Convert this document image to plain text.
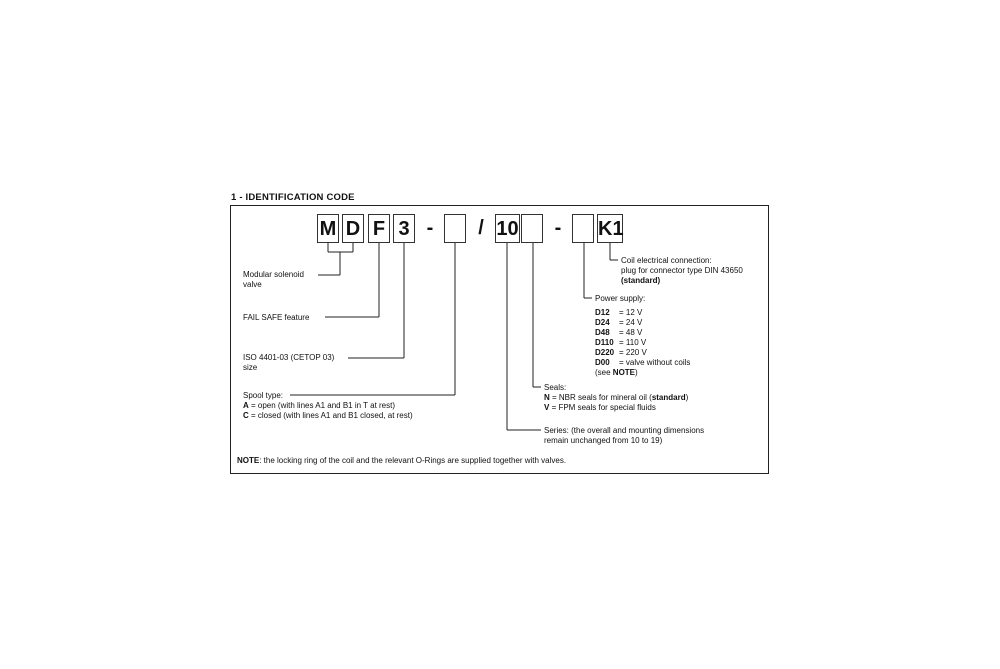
1 - IDENTIFICATION CODE
M D F 3 -	/ 10	-	K1
Modular solenoid
valve
FAIL SAFE feature
ISO 4401-03 (CETOP 03)
size
Spool type:
A = open (with lines A1 and B1 in T at rest)
C = closed (with lines A1 and B1 closed, at rest)
Coil electrical connection:
plug for connector type DIN 43650
(standard)
Power supply:
D12 = 12 V
D24 = 24 V
D48 = 48 V
D110 = 110 V
D220 = 220 V
D00 = valve without coils
(see NOTE)
Seals:
N = NBR seals for mineral oil (standard)
V = FPM seals for special fluids
Series: (the overall and mounting dimensions
remain unchanged from 10 to 19)
NOTE: the locking ring of the coil and the relevant O-Rings are supplied together with valves.
